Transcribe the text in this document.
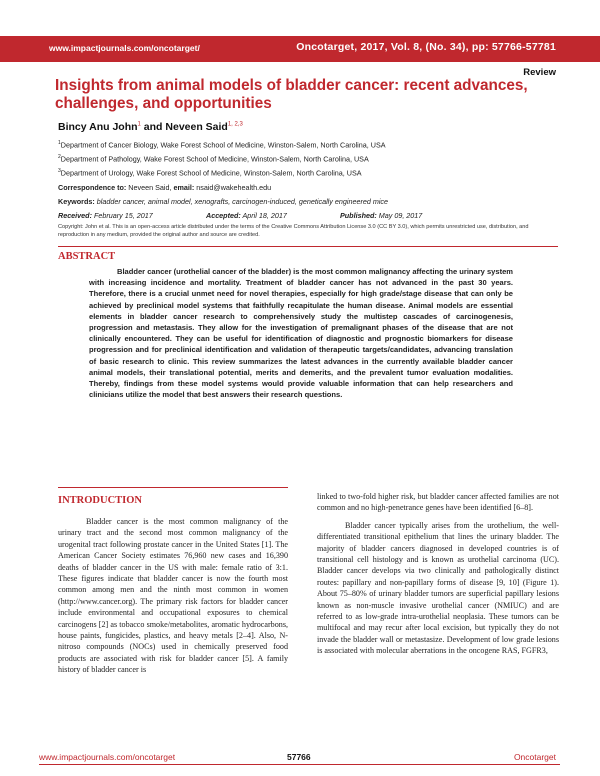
www.impactjournals.com/oncotarget/	Oncotarget, 2017, Vol. 8, (No. 34), pp: 57766-57781
Review
Insights from animal models of bladder cancer: recent advances, challenges, and opportunities
Bincy Anu John$^1$ and Neveen Said$^{1, 2,3}$
$^1$Department of Cancer Biology, Wake Forest School of Medicine, Winston-Salem, North Carolina, USA
$^2$Department of Pathology, Wake Forest School of Medicine, Winston-Salem, North Carolina, USA
$^3$Department of Urology, Wake Forest School of Medicine, Winston-Salem, North Carolina, USA
Correspondence to: Neveen Said, email: nsaid@wakehealth.edu
Keywords: bladder cancer, animal model, xenografts, carcinogen-induced, genetically engineered mice
Received: February 15, 2017	Accepted: April 18, 2017	Published: May 09, 2017
Copyright: John et al. This is an open-access article distributed under the terms of the Creative Commons Attribution License 3.0 (CC BY 3.0), which permits unrestricted use, distribution, and reproduction in any medium, provided the original author and source are credited.
ABSTRACT
Bladder cancer (urothelial cancer of the bladder) is the most common malignancy affecting the urinary system with increasing incidence and mortality. Treatment of bladder cancer has not advanced in the past 30 years. Therefore, there is a crucial unmet need for novel therapies, especially for high grade/stage disease that can only be achieved by preclinical model systems that faithfully recapitulate the human disease. Animal models are essential elements in bladder cancer research to comprehensively study the multistep cascades of carcinogenesis, progression and metastasis. They allow for the investigation of premalignant phases of the disease that are not clinically encountered. They can be useful for identification of diagnostic and prognostic biomarkers for disease progression and for preclinical identification and validation of therapeutic targets/candidates, advancing translation of basic research to clinic. This review summarizes the latest advances in the currently available bladder cancer animal models, their translational potential, merits and demerits, and the prevalent tumor evaluation modalities. Thereby, findings from these model systems would provide valuable information that can help researchers and clinicians utilize the model that best answers their research questions.
INTRODUCTION

Bladder cancer is the most common malignancy of the urinary tract and the second most common malignancy of the urogenital tract following prostate cancer in the United States [1]. The American Cancer Society estimates 76,960 new cases and 16,390 deaths of bladder cancer in the US with male: female ratio of 3:1. These figures indicate that bladder cancer is now the fourth most common among men and the ninth most common in women (http://www.cancer.org). The primary risk factors for bladder cancer include environmental and occupational exposures to chemical carcinogens [2] as tobacco smoke/metabolites, aromatic hydrocarbons, house paints, fungicides, plastics, and heavy metals [2–4]. Also, N-nitroso compounds (NOCs) used in chemically preserved food products are associated with risk for bladder cancer [5]. A family history of bladder cancer is

linked to two-fold higher risk, but bladder cancer affected families are not common and no high-penetrance genes have been identified [6–8].

Bladder cancer typically arises from the urothelium, the well-differentiated transitional epithelium that lines the urinary bladder. The majority of bladder cancers diagnosed in developed countries is of transitional cell histology and is known as urothelial carcinoma (UC). Bladder cancer develops via two clinically and pathologically distinct routes: papillary and non-papillary forms of disease [9, 10] (Figure 1). About 75–80% of urinary bladder tumors are superficial papillary lesions known as non-muscle invasive urothelial cancer (NMIUC) and are referred to as low-grade intra-urothelial neoplasia. These tumors can be multifocal and may recur after local excision, but typically they do not invade the bladder wall or metastasize. Development of low grade lesions is associated with molecular aberrations in the oncogene RAS, FGFR3,

www.impactjournals.com/oncotarget	57766	Oncotarget
